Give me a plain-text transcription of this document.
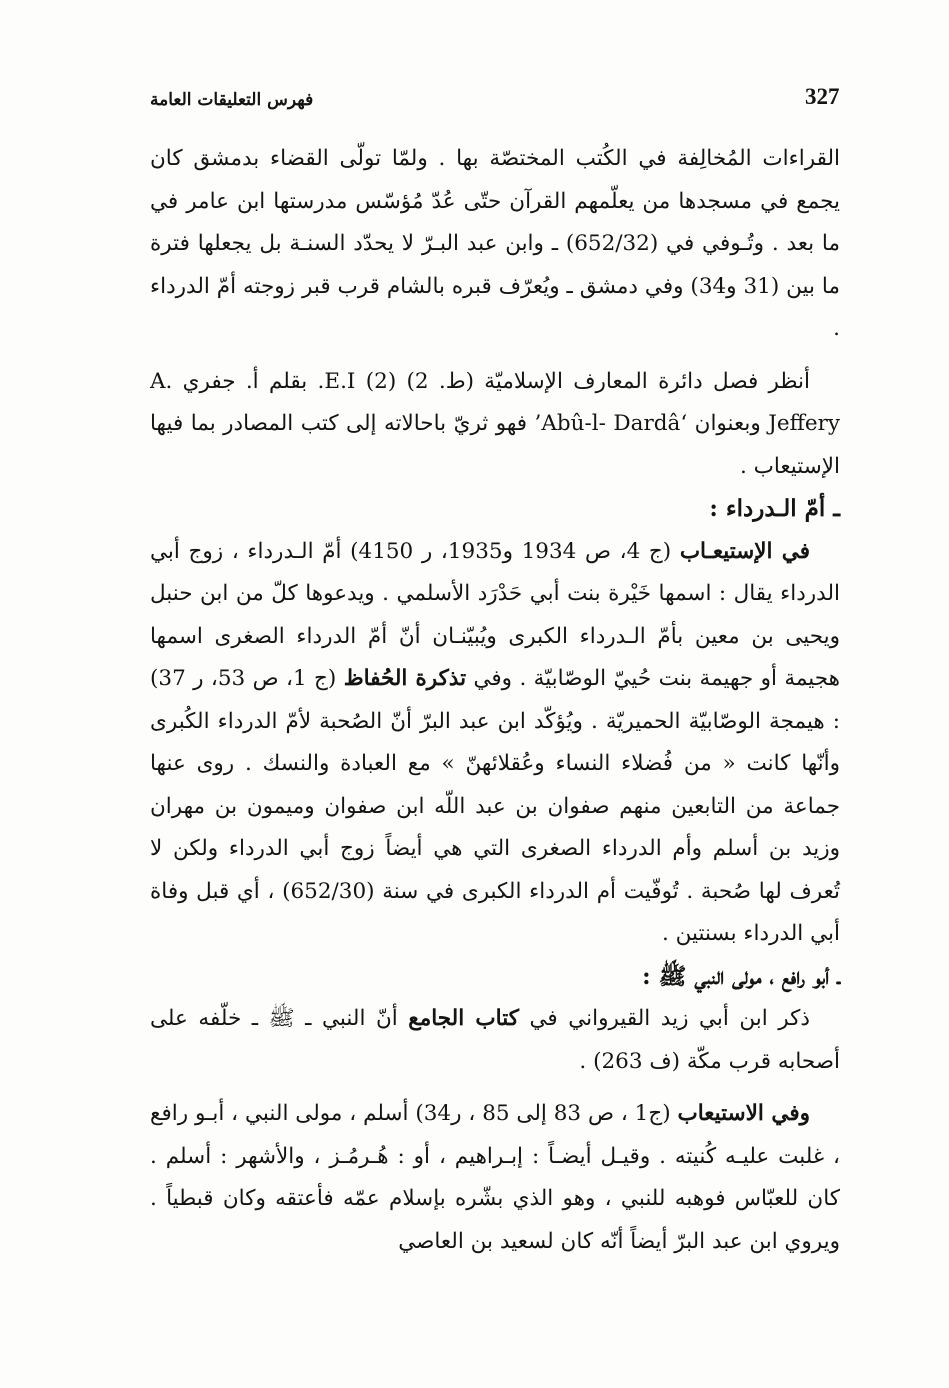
327
فهرس التعليقات العامة

القراءات المُخالِفة في الكُتب المختصّة بها . ولمّا تولّى القضاء بدمشق كان يجمع في مسجدها من يعلّمهم القرآن حتّى عُدّ مُؤسّس مدرستها ابن عامر في ما بعد . وتُـوفي في (652/32) ـ وابن عبد البـرّ لا يحدّد السنـة بل يجعلها فترة ما بين (31 و34) وفي دمشق ـ ويُعرّف قبره بالشام قرب قبر زوجته أمّ الدرداء .

أنظر فصل دائرة المعارف الإسلاميّة (ط. 2) (2) E.I. بقلم أ. جفري A. Jeffery وبعنوان ‘Abû-l- Dardâ’ فهو ثريّ باحالاته إلى كتب المصادر بما فيها الإستيعاب .

ـ أمّ الـدرداء :

في الإستيعـاب (ج 4، ص 1934 و1935، ر 4150) أمّ الـدرداء ، زوج أبي الدرداء يقال : اسمها خَيْرة بنت أبي حَدْرَد الأسلمي . ويدعوها كلّ من ابن حنبل ويحيى بن معين بأمّ الـدرداء الكبرى ويُبيّنـان أنّ أمّ الدرداء الصغرى اسمها هجيمة أو جهيمة بنت حُييّ الوصّابيّة . وفي تذكرة الحُفاظ (ج 1، ص 53، ر 37) : هيمجة الوصّابيّة الحميريّة . ويُؤكّد ابن عبد البرّ أنّ الصُحبة لأمّ الدرداء الكُبرى وأنّها كانت « من فُضلاء النساء وعُقلائهنّ » مع العبادة والنسك . روى عنها جماعة من التابعين منهم صفوان بن عبد اللّه ابن صفوان وميمون بن مهران وزيد بن أسلم وأم الدرداء الصغرى التي هي أيضاً زوج أبي الدرداء ولكن لا تُعرف لها صُحبة . تُوفّيت أم الدرداء الكبرى في سنة (652/30) ، أي قبل وفاة أبي الدرداء بسنتين .

ـ أبو رافع ، مولى النبي ﷺ :

ذكر ابن أبي زيد القيرواني في كتاب الجامع أنّ النبي ـ ﷺ ـ خلّفه على أصحابه قرب مكّة (ف 263) .

وفي الاستيعاب (ج1 ، ص 83 إلى 85 ، ر34) أسلم ، مولى النبي ، أبـو رافع ، غلبت عليـه كُنيته . وقيـل أيضـاً : إبـراهيم ، أو : هُـرمُـز ، والأشهر : أسلم . كان للعبّاس فوهبه للنبي ، وهو الذي بشّره بإسلام عمّه فأعتقه وكان قبطياً . ويروي ابن عبد البرّ أيضاً أنّه كان لسعيد بن العاصي
